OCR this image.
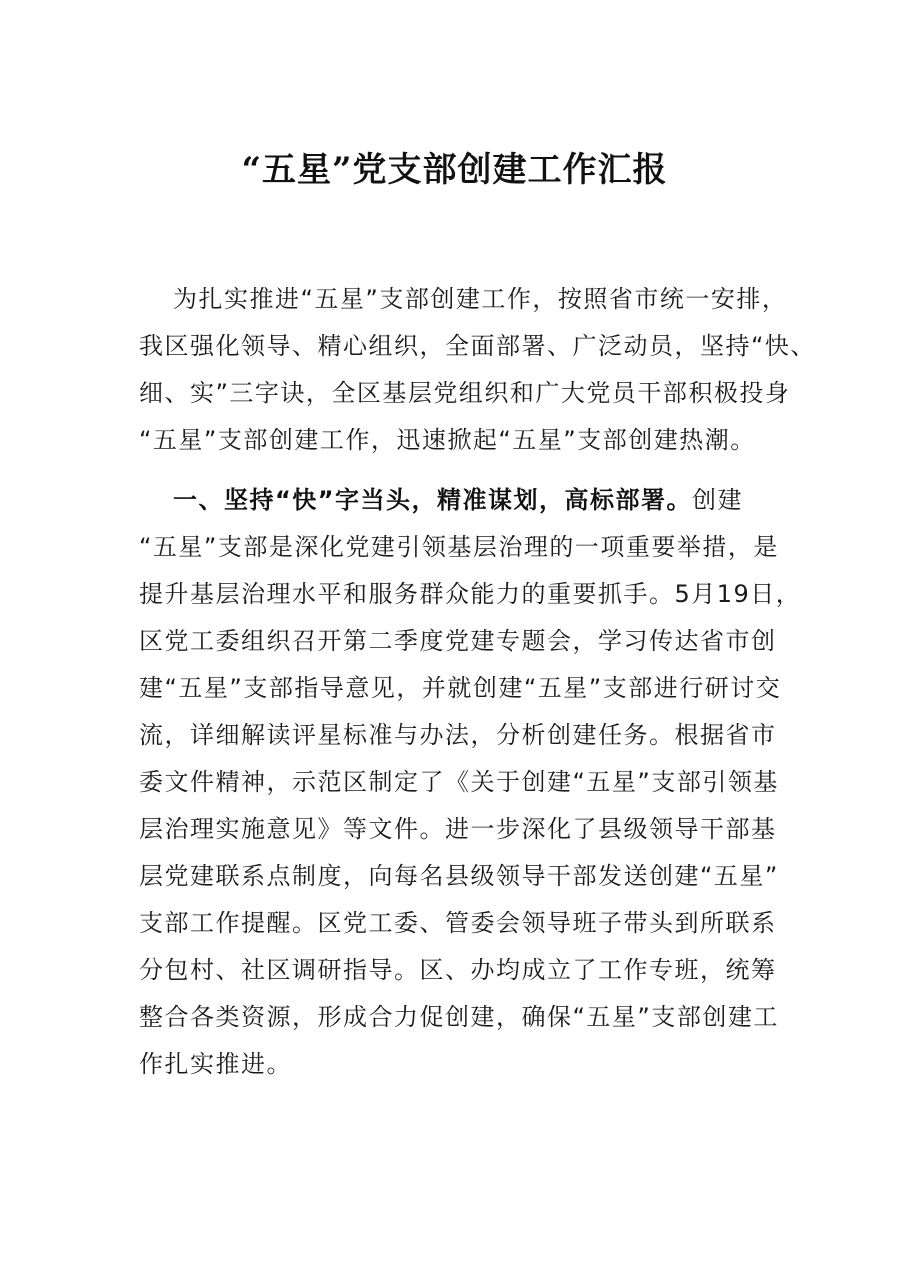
“五星”党支部创建工作汇报
为扎实推进“五星”支部创建工作，按照省市统一安排，
我区强化领导、精心组织，全面部署、广泛动员，坚持“快、
细、实”三字诀，全区基层党组织和广大党员干部积极投身
“五星”支部创建工作，迅速掀起“五星”支部创建热潮。
一、坚持“快”字当头，精准谋划，高标部署。创建
“五星”支部是深化党建引领基层治理的一项重要举措，是
提升基层治理水平和服务群众能力的重要抓手。5月19日，
区党工委组织召开第二季度党建专题会，学习传达省市创
建“五星”支部指导意见，并就创建“五星”支部进行研讨交
流，详细解读评星标准与办法，分析创建任务。根据省市
委文件精神，示范区制定了《关于创建“五星”支部引领基
层治理实施意见》等文件。进一步深化了县级领导干部基
层党建联系点制度，向每名县级领导干部发送创建“五星”
支部工作提醒。区党工委、管委会领导班子带头到所联系
分包村、社区调研指导。区、办均成立了工作专班，统筹
整合各类资源，形成合力促创建，确保“五星”支部创建工
作扎实推进。
